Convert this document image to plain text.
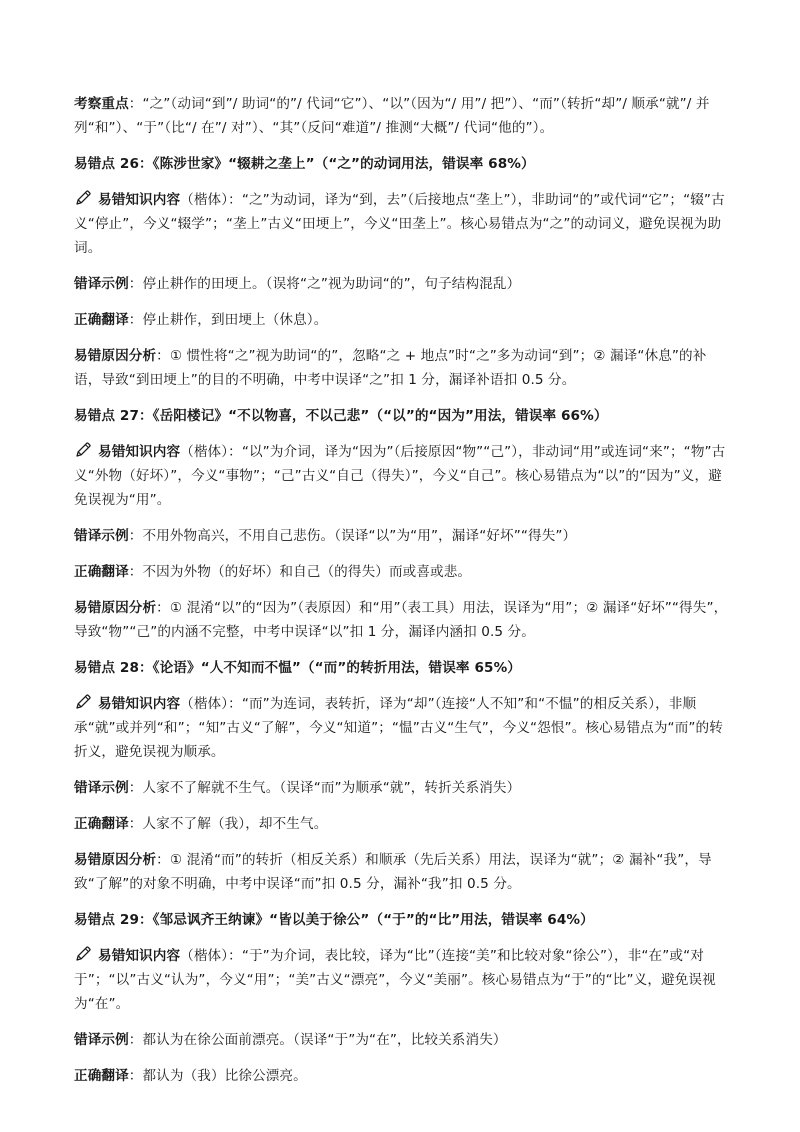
考察重点：“之”（动词“到”/ 助词“的”/ 代词“它”）、“以”（因为“/ 用”/ 把”）、“而”（转折“却”/ 顺承“就”/ 并列“和”）、“于”（比“/ 在”/ 对”）、“其”（反问“难道”/ 推测“大概”/ 代词“他的”）。

易错点 26：《陈涉世家》“辍耕之垄上”（“之”的动词用法，错误率 68%）

易错知识内容（楷体）：“之”为动词，译为“到，去”（后接地点“垄上”），非助词“的”或代词“它”；“辍”古义“停止”，今义“辍学”；“垄上”古义“田埂上”，今义“田垄上”。核心易错点为“之”的动词义，避免误视为助词。

错译示例：停止耕作的田埂上。（误将“之”视为助词“的”，句子结构混乱）

正确翻译：停止耕作，到田埂上（休息）。

易错原因分析：① 惯性将“之”视为助词“的”，忽略“之 + 地点”时“之”多为动词“到”；② 漏译“休息”的补语，导致“到田埂上”的目的不明确，中考中误译“之”扣 1 分，漏译补语扣 0.5 分。

易错点 27：《岳阳楼记》“不以物喜，不以己悲”（“以”的“因为”用法，错误率 66%）

易错知识内容（楷体）：“以”为介词，译为“因为”（后接原因“物”“己”），非动词“用”或连词“来”；“物”古义“外物（好坏）”，今义“事物”；“己”古义“自己（得失）”，今义“自己”。核心易错点为“以”的“因为”义，避免误视为“用”。

错译示例：不用外物高兴，不用自己悲伤。（误译“以”为“用”，漏译“好坏”“得失”）

正确翻译：不因为外物（的好坏）和自己（的得失）而或喜或悲。

易错原因分析：① 混淆“以”的“因为”（表原因）和“用”（表工具）用法，误译为“用”；② 漏译“好坏”“得失”，导致“物”“己”的内涵不完整，中考中误译“以”扣 1 分，漏译内涵扣 0.5 分。

易错点 28：《论语》“人不知而不愠”（“而”的转折用法，错误率 65%）

易错知识内容（楷体）：“而”为连词，表转折，译为“却”（连接“人不知”和“不愠”的相反关系），非顺承“就”或并列“和”；“知”古义“了解”，今义“知道”；“愠”古义“生气”，今义“怨恨”。核心易错点为“而”的转折义，避免误视为顺承。

错译示例：人家不了解就不生气。（误译“而”为顺承“就”，转折关系消失）

正确翻译：人家不了解（我），却不生气。

易错原因分析：① 混淆“而”的转折（相反关系）和顺承（先后关系）用法，误译为“就”；② 漏补“我”，导致“了解”的对象不明确，中考中误译“而”扣 0.5 分，漏补“我”扣 0.5 分。

易错点 29：《邹忌讽齐王纳谏》“皆以美于徐公”（“于”的“比”用法，错误率 64%）

易错知识内容（楷体）：“于”为介词，表比较，译为“比”（连接“美”和比较对象“徐公”），非“在”或“对于”；“以”古义“认为”，今义“用”；“美”古义“漂亮”，今义“美丽”。核心易错点为“于”的“比”义，避免误视为“在”。

错译示例：都认为在徐公面前漂亮。（误译“于”为“在”，比较关系消失）

正确翻译：都认为（我）比徐公漂亮。
